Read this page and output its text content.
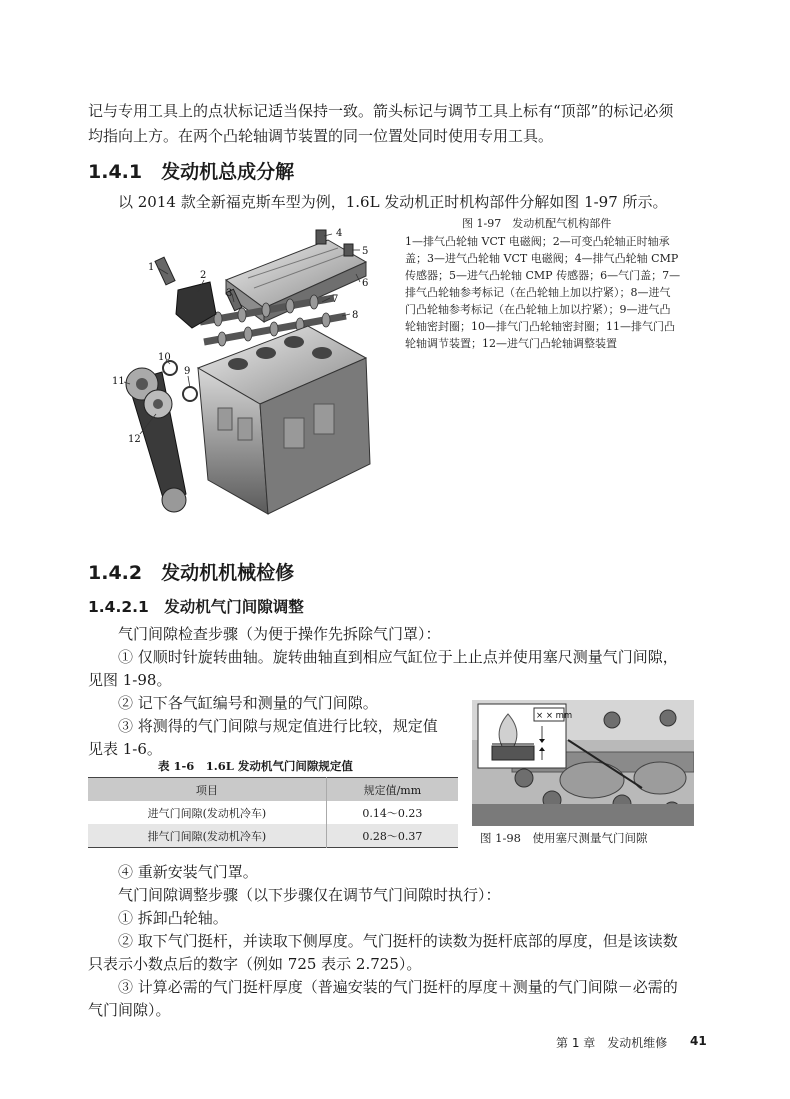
记与专用工具上的点状标记适当保持一致。箭头标记与调节工具上标有“顶部”的标记必须

均指向上方。在两个凸轮轴调节装置的同一位置处同时使用专用工具。

1.4.1　发动机总成分解

以 2014 款全新福克斯车型为例，1.6L 发动机正时机构部件分解如图 1-97 所示。

1
2
3
4
5
6
7
8
9
10
11
12
图 1-97　发动机配气机构部件
1—排气凸轮轴 VCT 电磁阀；2—可变凸轮轴正时轴承
盖；3—进气凸轮轴 VCT 电磁阀；4—排气凸轮轴 CMP
传感器；5—进气凸轮轴 CMP 传感器；6—气门盖；7—
排气凸轮轴参考标记（在凸轮轴上加以拧紧）；8—进气
门凸轮轴参考标记（在凸轮轴上加以拧紧）；9—进气凸
轮轴密封圈；10—排气门凸轮轴密封圈；11—排气门凸
轮轴调节装置；12—进气门凸轮轴调整装置
1.4.2　发动机机械检修
1.4.2.1　发动机气门间隙调整

气门间隙检查步骤（为便于操作先拆除气门罩）：

① 仅顺时针旋转曲轴。旋转曲轴直到相应气缸位于上止点并使用塞尺测量气门间隙，

见图 1-98。

② 记下各气缸编号和测量的气门间隙。

③ 将测得的气门间隙与规定值进行比较，规定值

见表 1-6。

表 1-6　1.6L 发动机气门间隙规定值
项目	规定值/mm
进气门间隙(发动机冷车)	0.14～0.23
排气门间隙(发动机冷车)	0.28～0.37
× × mm
图 1-98　使用塞尺测量气门间隙

④ 重新安装气门罩。

气门间隙调整步骤（以下步骤仅在调节气门间隙时执行）：

① 拆卸凸轮轴。

② 取下气门挺杆，并读取下侧厚度。气门挺杆的读数为挺杆底部的厚度，但是该读数

只表示小数点后的数字（例如 725 表示 2.725）。

③ 计算必需的气门挺杆厚度（普遍安装的气门挺杆的厚度＋测量的气门间隙－必需的

气门间隙）。

第 1 章　发动机维修 41
